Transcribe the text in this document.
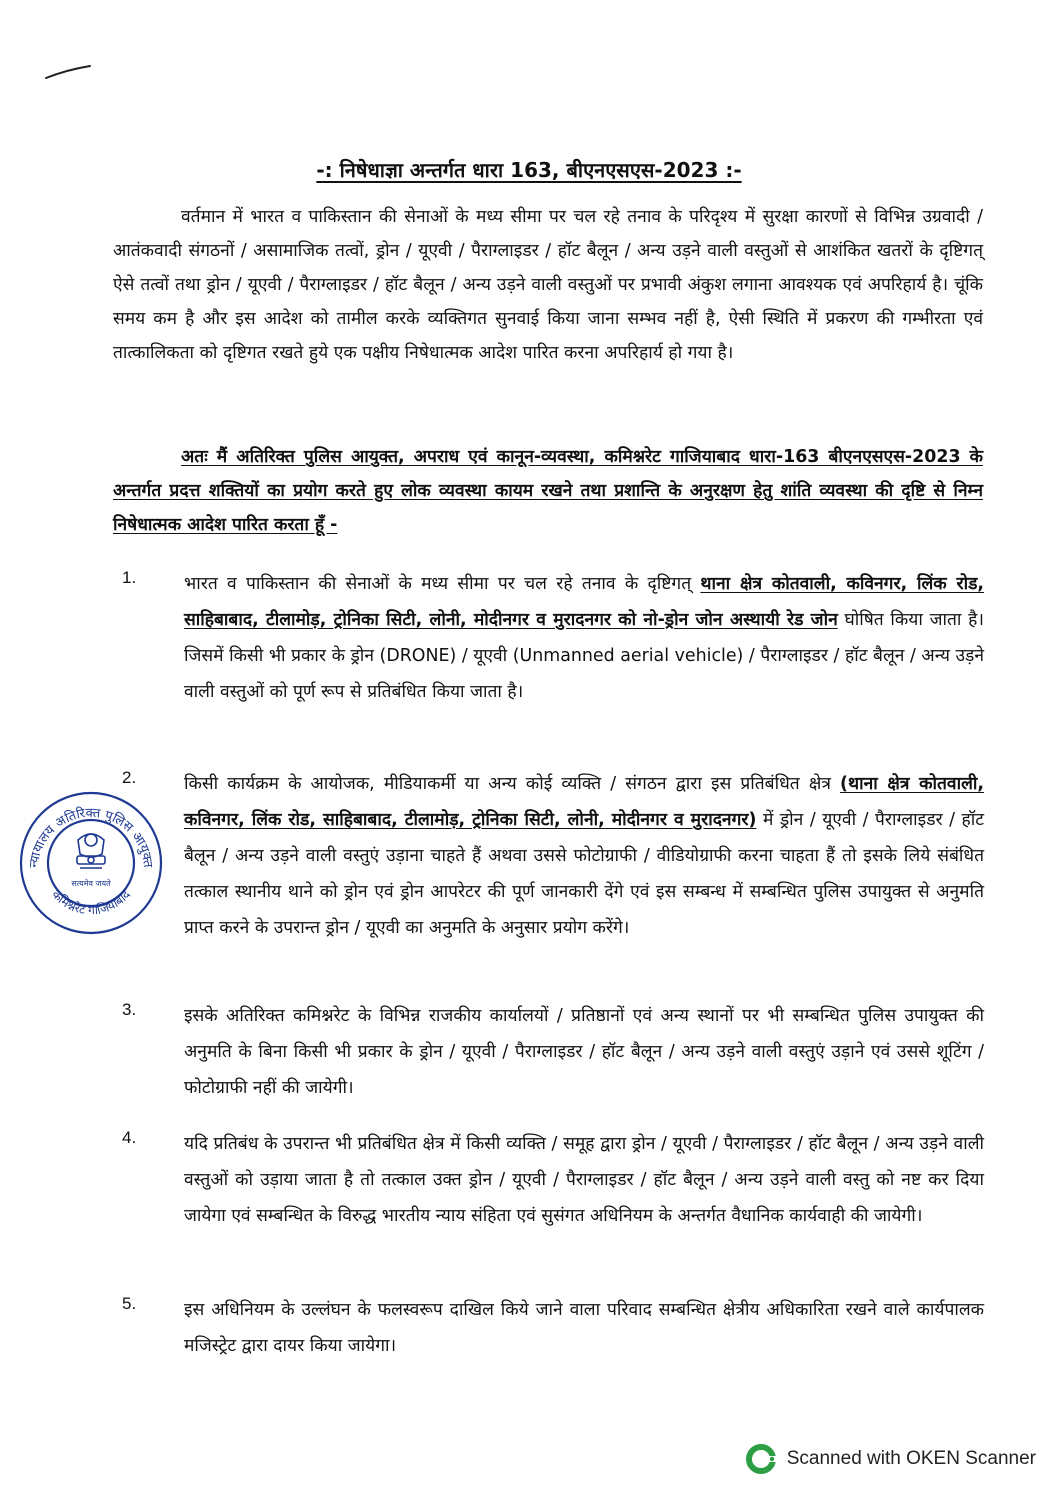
-: निषेधाज्ञा अन्तर्गत धारा 163, बीएनएसएस-2023 :-
वर्तमान में भारत व पाकिस्तान की सेनाओं के मध्य सीमा पर चल रहे तनाव के परिदृश्य में सुरक्षा कारणों से विभिन्न उग्रवादी / आतंकवादी संगठनों / असामाजिक तत्वों, ड्रोन / यूएवी / पैराग्लाइडर / हॉट बैलून / अन्य उड़ने वाली वस्तुओं से आशंकित खतरों के दृष्टिगत् ऐसे तत्वों तथा ड्रोन / यूएवी / पैराग्लाइडर / हॉट बैलून / अन्य उड़ने वाली वस्तुओं पर प्रभावी अंकुश लगाना आवश्यक एवं अपरिहार्य है। चूंकि समय कम है और इस आदेश को तामील करके व्यक्तिगत सुनवाई किया जाना सम्भव नहीं है, ऐसी स्थिति में प्रकरण की गम्भीरता एवं तात्कालिकता को दृष्टिगत रखते हुये एक पक्षीय निषेधात्मक आदेश पारित करना अपरिहार्य हो गया है।
अतः मैं अतिरिक्त पुलिस आयुक्त, अपराध एवं कानून-व्यवस्था, कमिश्नरेट गाजियाबाद धारा-163 बीएनएसएस-2023 के अन्तर्गत प्रदत्त शक्तियों का प्रयोग करते हुए लोक व्यवस्था कायम रखने तथा प्रशान्ति के अनुरक्षण हेतु शांति व्यवस्था की दृष्टि से निम्न निषेधात्मक आदेश पारित करता हूँ -
1.	भारत व पाकिस्तान की सेनाओं के मध्य सीमा पर चल रहे तनाव के दृष्टिगत् थाना क्षेत्र कोतवाली, कविनगर, लिंक रोड, साहिबाबाद, टीलामोड़, ट्रोनिका सिटी, लोनी, मोदीनगर व मुरादनगर को नो-ड्रोन जोन अस्थायी रेड जोन घोषित किया जाता है। जिसमें किसी भी प्रकार के ड्रोन (DRONE) / यूएवी (Unmanned aerial vehicle) / पैराग्लाइडर / हॉट बैलून / अन्य उड़ने वाली वस्तुओं को पूर्ण रूप से प्रतिबंधित किया जाता है।
2.	किसी कार्यक्रम के आयोजक, मीडियाकर्मी या अन्य कोई व्यक्ति / संगठन द्वारा इस प्रतिबंधित क्षेत्र (थाना क्षेत्र कोतवाली, कविनगर, लिंक रोड, साहिबाबाद, टीलामोड़, ट्रोनिका सिटी, लोनी, मोदीनगर व मुरादनगर) में ड्रोन / यूएवी / पैराग्लाइडर / हॉट बैलून / अन्य उड़ने वाली वस्तुएं उड़ाना चाहते हैं अथवा उससे फोटोग्राफी / वीडियोग्राफी करना चाहता हैं तो इसके लिये संबंधित तत्काल स्थानीय थाने को ड्रोन एवं ड्रोन आपरेटर की पूर्ण जानकारी देंगे एवं इस सम्बन्ध में सम्बन्धित पुलिस उपायुक्त से अनुमति प्राप्त करने के उपरान्त ड्रोन / यूएवी का अनुमति के अनुसार प्रयोग करेंगे।
3.	इसके अतिरिक्त कमिश्नरेट के विभिन्न राजकीय कार्यालयों / प्रतिष्ठानों एवं अन्य स्थानों पर भी सम्बन्धित पुलिस उपायुक्त की अनुमति के बिना किसी भी प्रकार के ड्रोन / यूएवी / पैराग्लाइडर / हॉट बैलून / अन्य उड़ने वाली वस्तुएं उड़ाने एवं उससे शूटिंग / फोटोग्राफी नहीं की जायेगी।
4.	यदि प्रतिबंध के उपरान्त भी प्रतिबंधित क्षेत्र में किसी व्यक्ति / समूह द्वारा ड्रोन / यूएवी / पैराग्लाइडर / हॉट बैलून / अन्य उड़ने वाली वस्तुओं को उड़ाया जाता है तो तत्काल उक्त ड्रोन / यूएवी / पैराग्लाइडर / हॉट बैलून / अन्य उड़ने वाली वस्तु को नष्ट कर दिया जायेगा एवं सम्बन्धित के विरुद्ध भारतीय न्याय संहिता एवं सुसंगत अधिनियम के अन्तर्गत वैधानिक कार्यवाही की जायेगी।
5.	इस अधिनियम के उल्लंघन के फलस्वरूप दाखिल किये जाने वाला परिवाद सम्बन्धित क्षेत्रीय अधिकारिता रखने वाले कार्यपालक मजिस्ट्रेट द्वारा दायर किया जायेगा।
न्यायालय अतिरिक्त पुलिस आयुक्त
कमिश्नरेट गाजियाबाद
सत्यमेव जयते
Scanned with OKEN Scanner
